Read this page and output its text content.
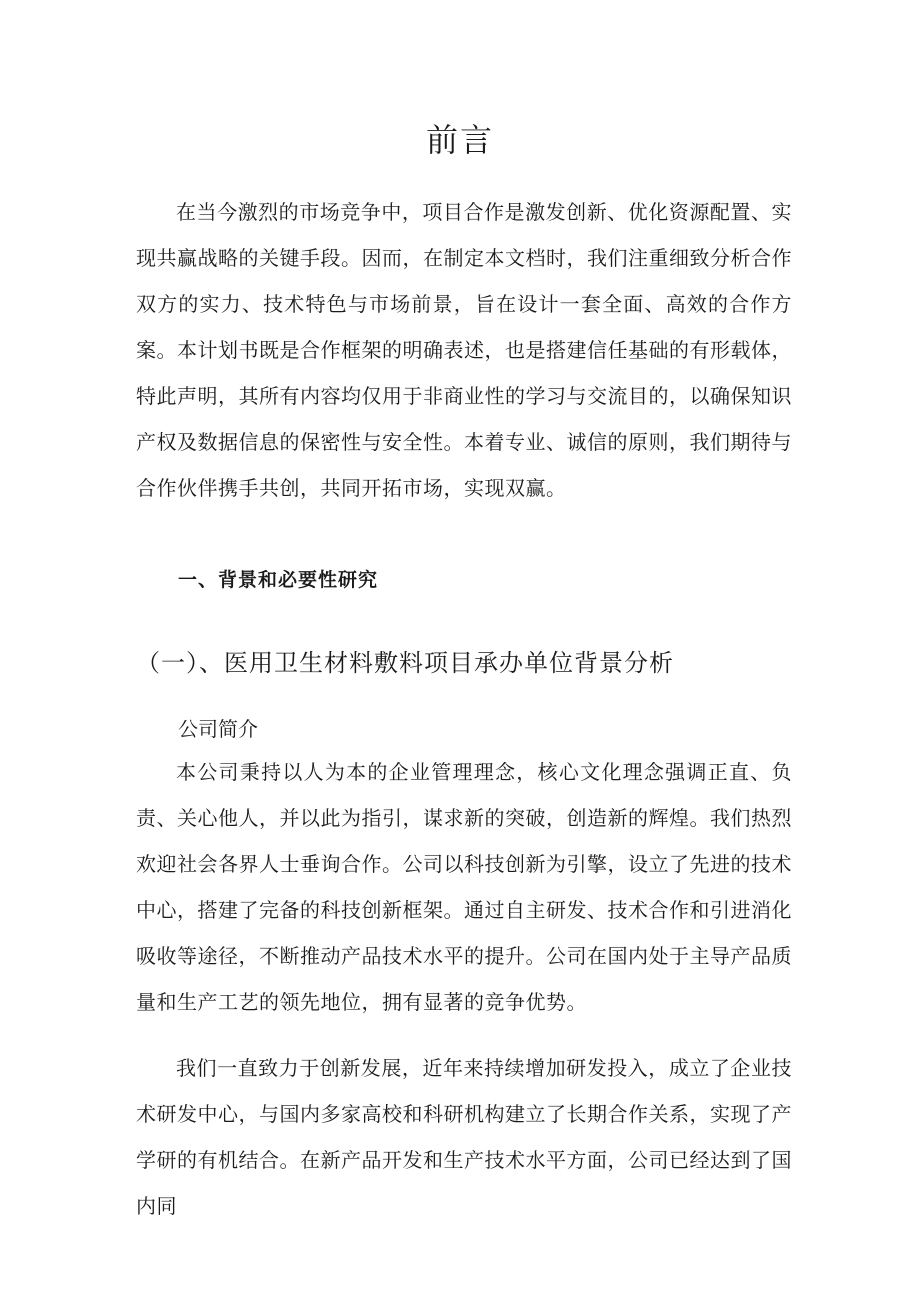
前言

在当今激烈的市场竞争中，项目合作是激发创新、优化资源配置、实现共赢战略的关键手段。因而，在制定本文档时，我们注重细致分析合作双方的实力、技术特色与市场前景，旨在设计一套全面、高效的合作方案。本计划书既是合作框架的明确表述，也是搭建信任基础的有形载体，特此声明，其所有内容均仅用于非商业性的学习与交流目的，以确保知识产权及数据信息的保密性与安全性。本着专业、诚信的原则，我们期待与合作伙伴携手共创，共同开拓市场，实现双赢。

一、背景和必要性研究
（一）、医用卫生材料敷料项目承办单位背景分析
公司简介

本公司秉持以人为本的企业管理理念，核心文化理念强调正直、负责、关心他人，并以此为指引，谋求新的突破，创造新的辉煌。我们热烈欢迎社会各界人士垂询合作。公司以科技创新为引擎，设立了先进的技术中心，搭建了完备的科技创新框架。通过自主研发、技术合作和引进消化吸收等途径，不断推动产品技术水平的提升。公司在国内处于主导产品质量和生产工艺的领先地位，拥有显著的竞争优势。

我们一直致力于创新发展，近年来持续增加研发投入，成立了企业技术研发中心，与国内多家高校和科研机构建立了长期合作关系，实现了产学研的有机结合。在新产品开发和生产技术水平方面，公司已经达到了国内同
